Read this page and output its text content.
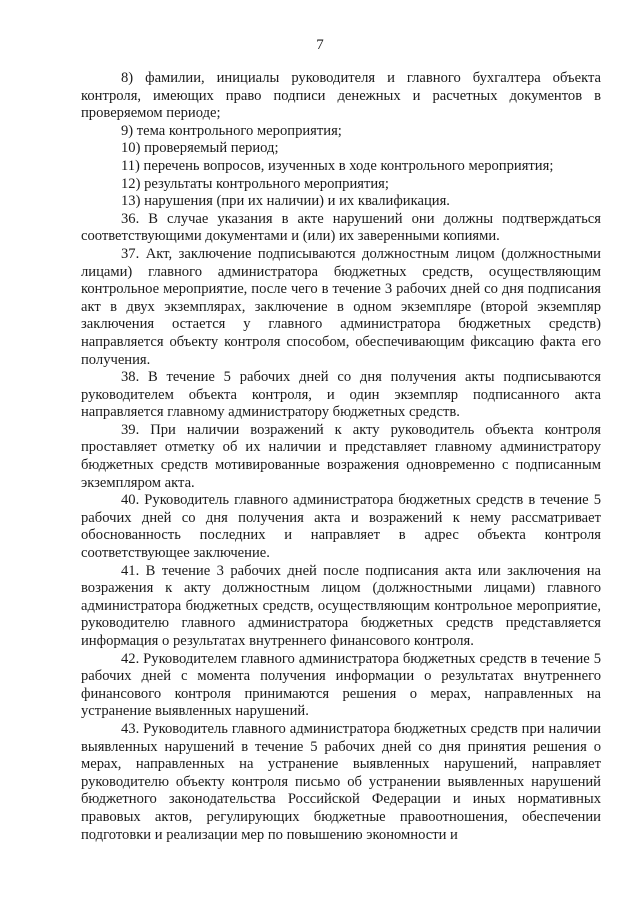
7

8) фамилии, инициалы руководителя и главного бухгалтера объекта контроля, имеющих право подписи денежных и расчетных документов в проверяемом периоде;

9) тема контрольного мероприятия;

10) проверяемый период;

11) перечень вопросов, изученных в ходе контрольного мероприятия;

12) результаты контрольного мероприятия;

13) нарушения (при их наличии) и их квалификация.

36. В случае указания в акте нарушений они должны подтверждаться соответствующими документами и (или) их заверенными копиями.

37. Акт, заключение подписываются должностным лицом (должностными лицами) главного администратора бюджетных средств, осуществляющим контрольное мероприятие, после чего в течение 3 рабочих дней со дня подписания акт в двух экземплярах, заключение в одном экземпляре (второй экземпляр заключения остается у главного администратора бюджетных средств) направляется объекту контроля способом, обеспечивающим фиксацию факта его получения.

38. В течение 5 рабочих дней со дня получения акты подписываются руководителем объекта контроля, и один экземпляр подписанного акта направляется главному администратору бюджетных средств.

39. При наличии возражений к акту руководитель объекта контроля проставляет отметку об их наличии и представляет главному администратору бюджетных средств мотивированные возражения одновременно с подписанным экземпляром акта.

40. Руководитель главного администратора бюджетных средств в течение 5 рабочих дней со дня получения акта и возражений к нему рассматривает обоснованность последних и направляет в адрес объекта контроля соответствующее заключение.

41. В течение 3 рабочих дней после подписания акта или заключения на возражения к акту должностным лицом (должностными лицами) главного администратора бюджетных средств, осуществляющим контрольное мероприятие, руководителю главного администратора бюджетных средств представляется информация о результатах внутреннего финансового контроля.

42. Руководителем главного администратора бюджетных средств в течение 5 рабочих дней с момента получения информации о результатах внутреннего финансового контроля принимаются решения о мерах, направленных на устранение выявленных нарушений.

43. Руководитель главного администратора бюджетных средств при наличии выявленных нарушений в течение 5 рабочих дней со дня принятия решения о мерах, направленных на устранение выявленных нарушений, направляет руководителю объекту контроля письмо об устранении выявленных нарушений бюджетного законодательства Российской Федерации и иных нормативных правовых актов, регулирующих бюджетные правоотношения, обеспечении подготовки и реализации мер по повышению экономности и
